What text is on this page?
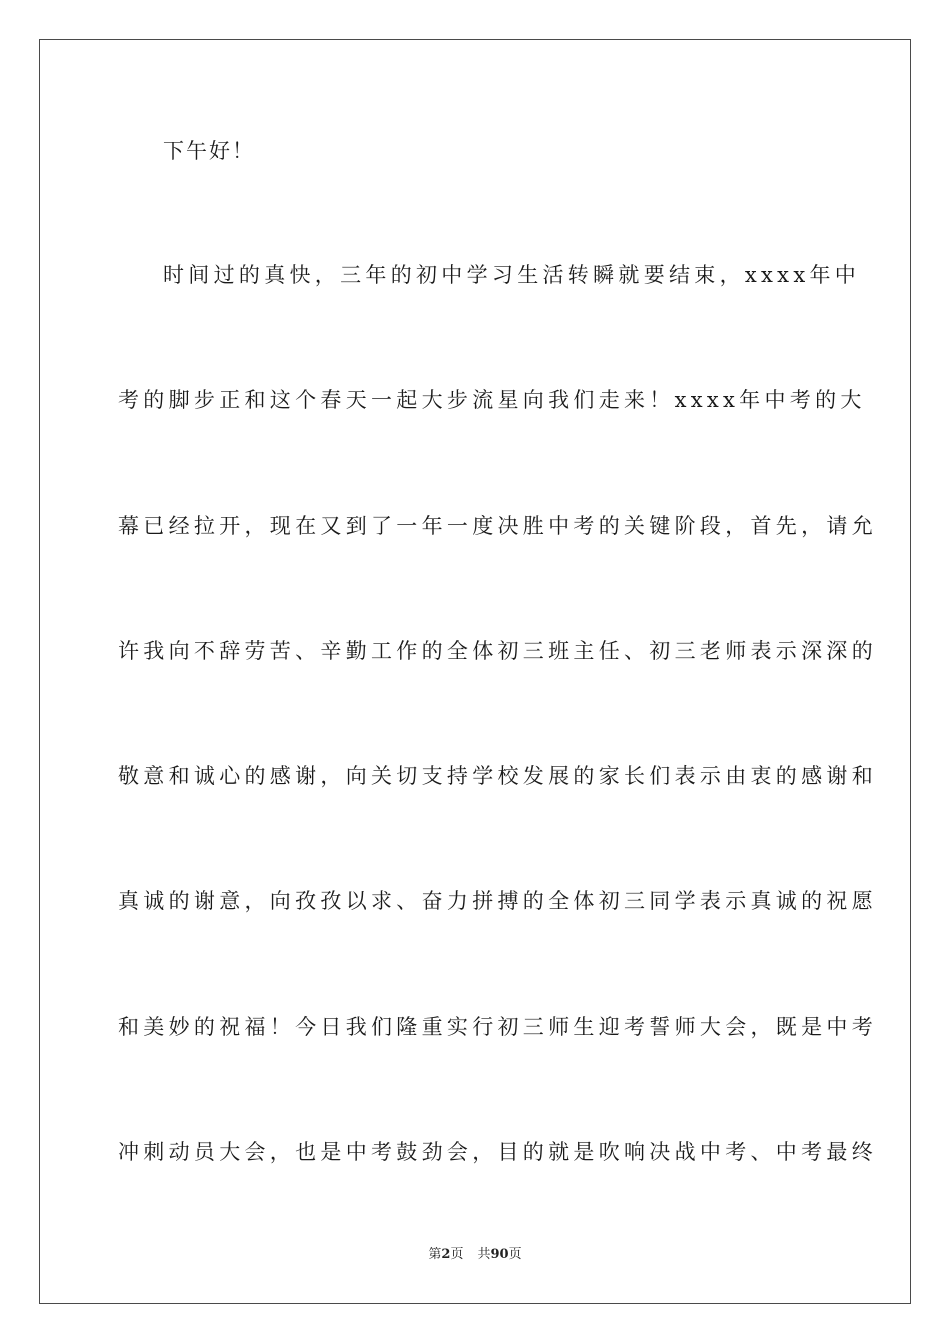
下午好！
时间过的真快，三年的初中学习生活转瞬就要结束，xxxx年中
考的脚步正和这个春天一起大步流星向我们走来！xxxx年中考的大
幕已经拉开，现在又到了一年一度决胜中考的关键阶段，首先，请允
许我向不辞劳苦、辛勤工作的全体初三班主任、初三老师表示深深的
敬意和诚心的感谢，向关切支持学校发展的家长们表示由衷的感谢和
真诚的谢意，向孜孜以求、奋力拼搏的全体初三同学表示真诚的祝愿
和美妙的祝福！今日我们隆重实行初三师生迎考誓师大会，既是中考
冲刺动员大会，也是中考鼓劲会，目的就是吹响决战中考、中考最终
第2页 共90页
